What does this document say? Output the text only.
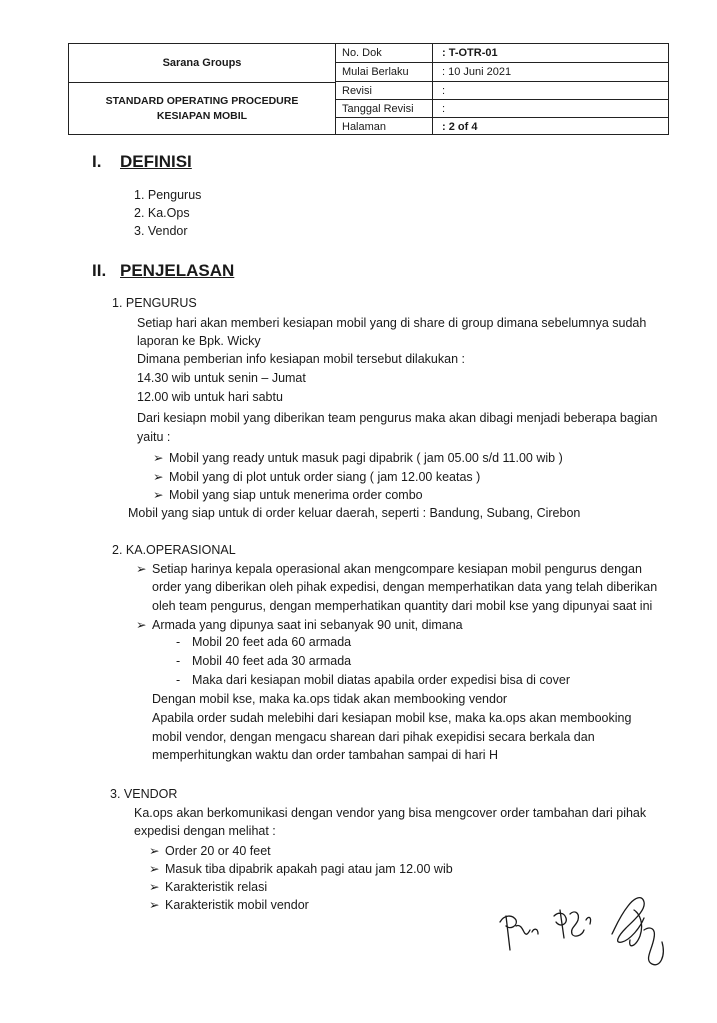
Sarana Groups
STANDARD OPERATING PROCEDURE
KESIAPAN MOBIL
No. Dok	: T-OTR-01
Mulai Berlaku	: 10 Juni 2021
Revisi	:
Tanggal Revisi	:
Halaman	: 2 of 4
I. DEFINISI
1. Pengurus
2. Ka.Ops
3. Vendor
II. PENJELASAN
1. PENGURUS
Setiap hari akan memberi kesiapan mobil yang di share di group dimana sebelumnya sudah
laporan ke Bpk. Wicky
Dimana pemberian info kesiapan mobil tersebut dilakukan :
14.30 wib untuk senin – Jumat
12.00 wib untuk hari sabtu
Dari kesiapn mobil yang diberikan team pengurus maka akan dibagi menjadi beberapa bagian
yaitu :
➢ Mobil yang ready untuk masuk pagi dipabrik ( jam 05.00 s/d 11.00 wib )
➢ Mobil yang di plot untuk order siang ( jam 12.00 keatas )
➢ Mobil yang siap untuk menerima order combo
Mobil yang siap untuk di order keluar daerah, seperti : Bandung, Subang, Cirebon
2. KA.OPERASIONAL
➢ Setiap harinya kepala operasional akan mengcompare kesiapan mobil pengurus dengan
order yang diberikan oleh pihak expedisi, dengan memperhatikan data yang telah diberikan
oleh team pengurus, dengan memperhatikan quantity dari mobil kse yang dipunyai saat ini
➢ Armada yang dipunya saat ini sebanyak 90 unit, dimana
- Mobil 20 feet ada 60 armada
- Mobil 40 feet ada 30 armada
- Maka dari kesiapan mobil diatas apabila order expedisi bisa di cover
Dengan mobil kse, maka ka.ops tidak akan membooking vendor
Apabila order sudah melebihi dari kesiapan mobil kse, maka ka.ops akan membooking
mobil vendor, dengan mengacu sharean dari pihak exepidisi secara berkala dan
memperhitungkan waktu dan order tambahan sampai di hari H
3. VENDOR
Ka.ops akan berkomunikasi dengan vendor yang bisa mengcover order tambahan dari pihak
expedisi dengan melihat :
➢ Order 20 or 40 feet
➢ Masuk tiba dipabrik apakah pagi atau jam 12.00 wib
➢ Karakteristik relasi
➢ Karakteristik mobil vendor
